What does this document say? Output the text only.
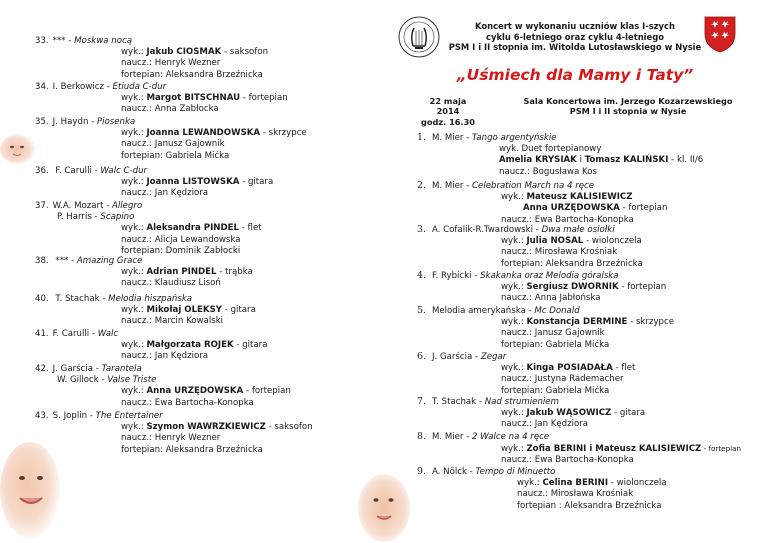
33. *** - Moskwa nocą
wyk.: Jakub CIOSMAK - saksofon
naucz.: Henryk Wezner
fortepian: Aleksandra Brzeźnicka
34. I. Berkowicz - Etiuda C-dur
wyk.: Margot BITSCHNAU - fortepian
naucz.: Anna Zabłocka
35. J. Haydn - Piosenka
wyk.: Joanna LEWANDOWSKA - skrzypce
naucz.: Janusz Gajownik
fortepian: Gabriela Mićka
36. F. Carulli - Walc C-dur
wyk.: Joanna LISTOWSKA - gitara
naucz.: Jan Kędziora
37. W.A. Mozart - Allegro
P. Harris - Scapino
wyk.: Aleksandra PINDEL - flet
naucz.: Alicja Lewandowska
fortepian: Dominik Zabłocki
38. *** - Amazing Grace
wyk.: Adrian PINDEL - trąbka
naucz.: Klaudiusz Lisoń
40. T. Stachak - Melodia hiszpańska
wyk.: Mikołaj OLEKSY - gitara
naucz.: Marcin Kowalski
41. F. Carulli - Walc
wyk.: Małgorzata ROJEK - gitara
naucz.: Jan Kędziora
42. J. Garścia - Tarantela
W. Gillock - Valse Triste
wyk.: Anna URZĘDOWSKA - fortepian
naucz.: Ewa Bartocha-Konopka
43. S. Joplin - The Entertainer
wyk.: Szymon WAWRZKIEWICZ - saksofon
naucz.: Henryk Wezner
fortepian: Aleksandra Brzeźnicka
Koncert w wykonaniu uczniów klas I-szych
cyklu 6-letniego oraz cyklu 4-letniego
PSM I i II stopnia im. Witolda Lutosławskiego w Nysie
„Uśmiech dla Mamy i Taty”
22 maja 2014
godz. 16.30
Sala Koncertowa im. Jerzego Kozarzewskiego
PSM I i II stopnia w Nysie
1. M. Mier - Tango argentyńskie
wyk. Duet fortepianowy
Amelia KRYSIAK i Tomasz KALIŃSKI - kl. II/6
naucz.: Bogusława Kos
2. M. Mier - Celebration March na 4 ręce
wyk.: Mateusz KALISIEWICZ
Anna URZĘDOWSKA - fortepian
naucz.: Ewa Bartocha-Konopka
3. A. Cofalik-R.Twardowski - Dwa małe osiołki
wyk.: Julia NOSAL - wiolonczela
naucz.: Mirosława Krośniak
fortepian: Aleksandra Brzeźnicka
4. F. Rybicki - Skakanka oraz Melodia góralska
wyk.: Sergiusz DWORNIK - fortepian
naucz.: Anna Jabłońska
5. Melodia amerykańska - Mc Donald
wyk.: Konstancja DERMINE - skrzypce
naucz.: Janusz Gajownik
fortepian: Gabriela Mićka
6. J. Garścia - Zegar
wyk.: Kinga POSIADAŁA - flet
naucz.: Justyna Rademacher
fortepian: Gabriela Mićka
7. T. Stachak - Nad strumieniem
wyk.: Jakub WĄSOWICZ - gitara
naucz.: Jan Kędziora
8. M. Mier - 2 Walce na 4 ręce
wyk.: Zofia BERINI i Mateusz KALISIEWICZ - fortepian
naucz.: Ewa Bartocha-Konopka
9. A. Nölck - Tempo di Minuetto
wyk.: Celina BERINI - wiolonczela
naucz.: Mirosława Krośniak
fortepian : Aleksandra Brzeźnicka
